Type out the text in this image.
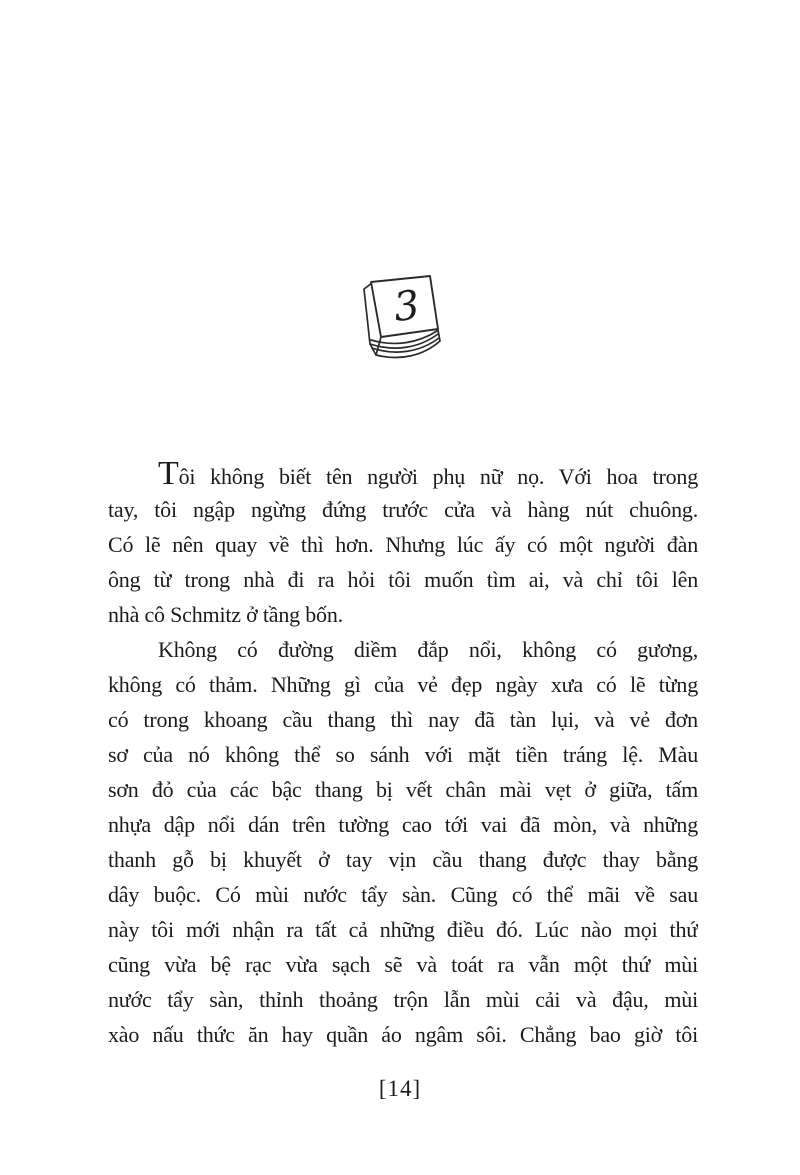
3
Tôi không biết tên người phụ nữ nọ. Với hoa trong
tay, tôi ngập ngừng đứng trước cửa và hàng nút chuông.
Có lẽ nên quay về thì hơn. Nhưng lúc ấy có một người đàn
ông từ trong nhà đi ra hỏi tôi muốn tìm ai, và chỉ tôi lên
nhà cô Schmitz ở tầng bốn.
Không có đường diềm đắp nổi, không có gương,
không có thảm. Những gì của vẻ đẹp ngày xưa có lẽ từng
có trong khoang cầu thang thì nay đã tàn lụi, và vẻ đơn
sơ của nó không thể so sánh với mặt tiền tráng lệ. Màu
sơn đỏ của các bậc thang bị vết chân mài vẹt ở giữa, tấm
nhựa dập nổi dán trên tường cao tới vai đã mòn, và những
thanh gỗ bị khuyết ở tay vịn cầu thang được thay bằng
dây buộc. Có mùi nước tẩy sàn. Cũng có thể mãi về sau
này tôi mới nhận ra tất cả những điều đó. Lúc nào mọi thứ
cũng vừa bệ rạc vừa sạch sẽ và toát ra vẫn một thứ mùi
nước tẩy sàn, thỉnh thoảng trộn lẫn mùi cải và đậu, mùi
xào nấu thức ăn hay quần áo ngâm sôi. Chẳng bao giờ tôi
[14]
